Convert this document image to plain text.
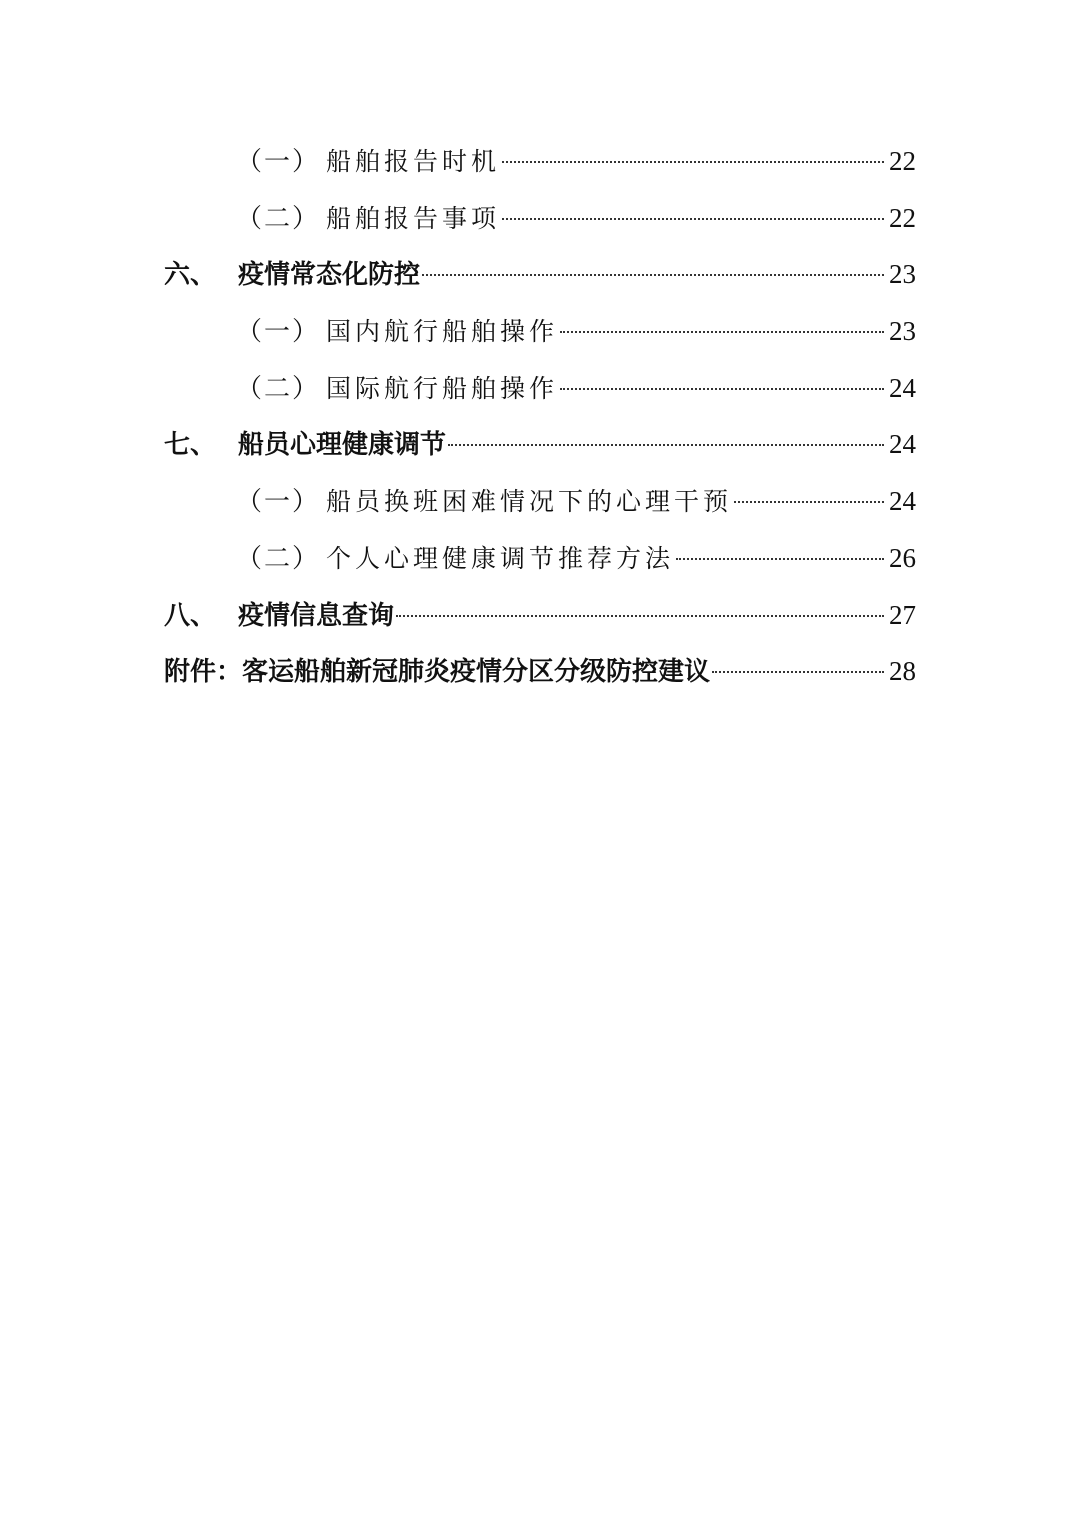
（一） 船舶报告时机	22
（二） 船舶报告事项	22
六、 疫情常态化防控	23
（一） 国内航行船舶操作	23
（二） 国际航行船舶操作	24
七、 船员心理健康调节	24
（一） 船员换班困难情况下的心理干预	24
（二） 个人心理健康调节推荐方法	26
八、 疫情信息查询	27
附件：客运船舶新冠肺炎疫情分区分级防控建议	28
